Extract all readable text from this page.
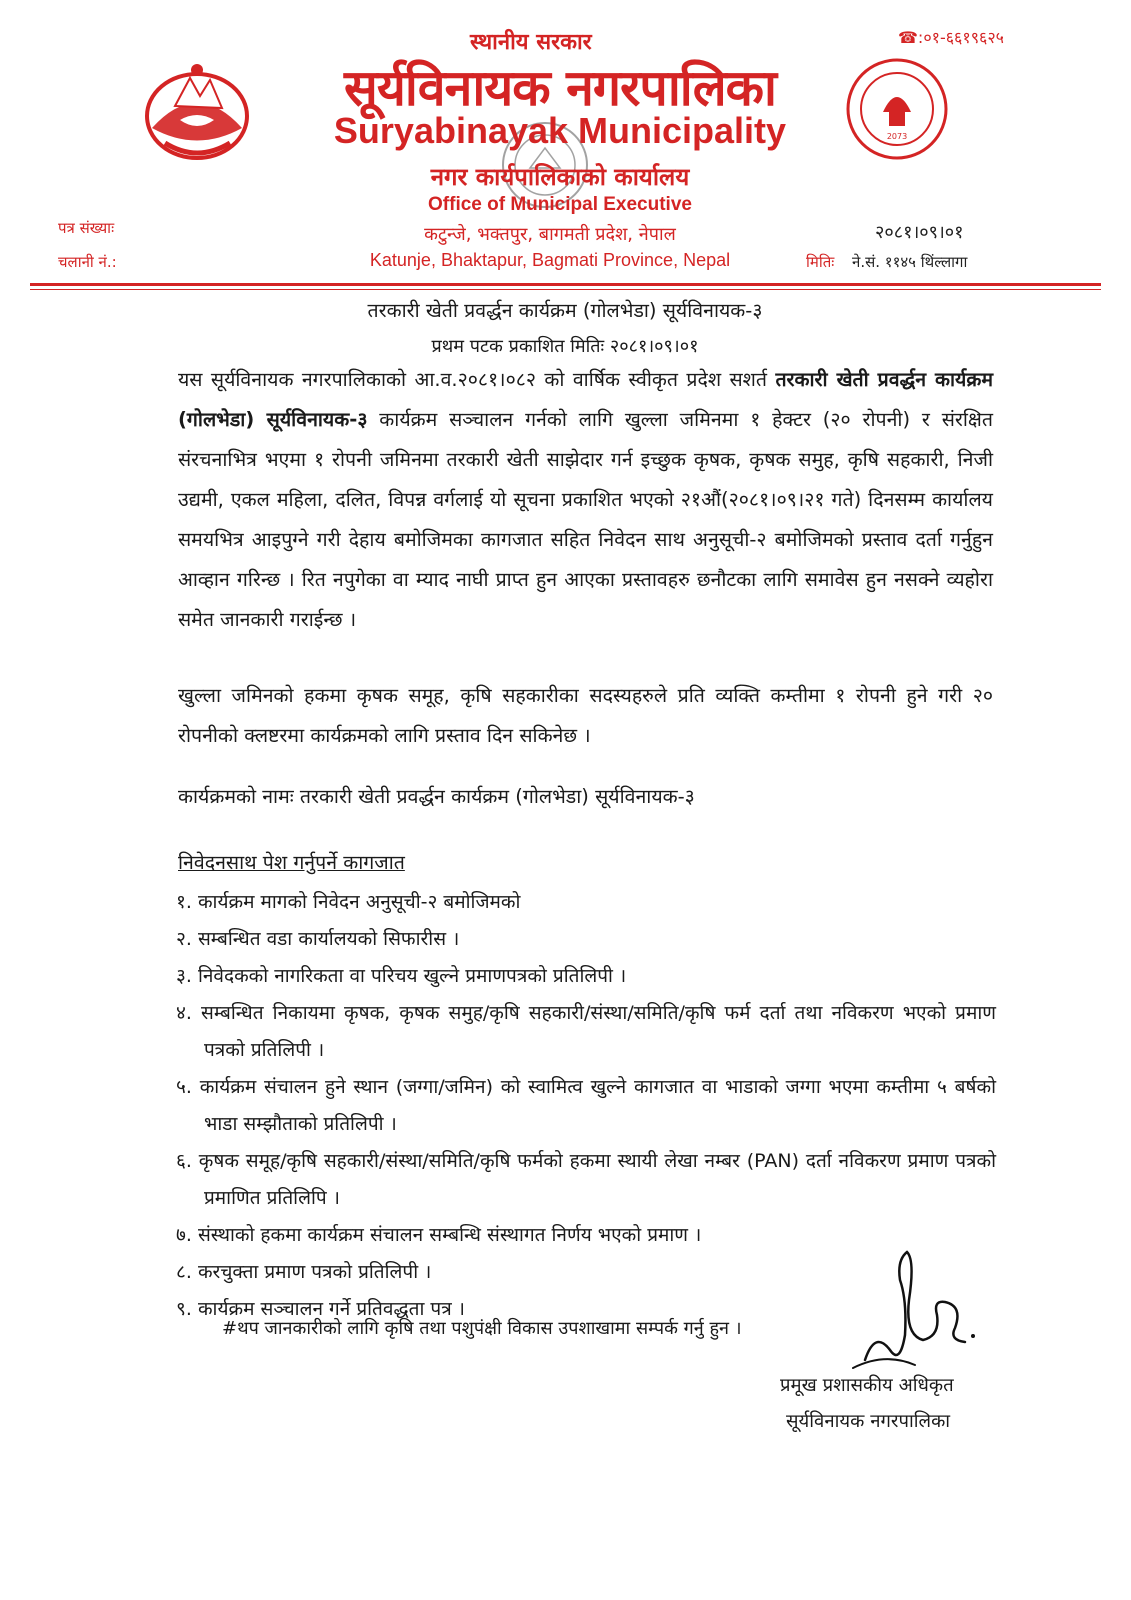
स्थानीय सरकार	☎:०१-६६१९६२५
2073
सूर्यविनायक नगरपालिका
Suryabinayak Municipality
नगर कार्यपालिकाको कार्यालय
Office of Municipal Executive
कटुन्जे, भक्तपुर, बागमती प्रदेश, नेपाल
Katunje, Bhaktapur, Bagmati Province, Nepal
पत्र संख्याः
चलानी नं.:
२०८१।०९।०१
मितिः ने.सं. ११४५ थिंल्लागा
तरकारी खेती प्रवर्द्धन कार्यक्रम (गोलभेडा) सूर्यविनायक-३
प्रथम पटक प्रकाशित मितिः २०८१।०९।०१
यस सूर्यविनायक नगरपालिकाको आ.व.२०८१।०८२ को वार्षिक स्वीकृत प्रदेश सशर्त तरकारी खेती प्रवर्द्धन कार्यक्रम (गोलभेडा) सूर्यविनायक-३ कार्यक्रम सञ्चालन गर्नको लागि खुल्ला जमिनमा १ हेक्टर (२० रोपनी) र संरक्षित संरचनाभित्र भएमा १ रोपनी जमिनमा तरकारी खेती साझेदार गर्न इच्छुक कृषक, कृषक समुह, कृषि सहकारी, निजी उद्यमी, एकल महिला, दलित, विपन्न वर्गलाई यो सूचना प्रकाशित भएको २१औं(२०८१।०९।२१ गते) दिनसम्म कार्यालय समयभित्र आइपुग्ने गरी देहाय बमोजिमका कागजात सहित निवेदन साथ अनुसूची-२ बमोजिमको प्रस्ताव दर्ता गर्नुहुन आव्हान गरिन्छ । रित नपुगेका वा म्याद नाघी प्राप्त हुन आएका प्रस्तावहरु छनौटका लागि समावेस हुन नसक्ने व्यहोरा समेत जानकारी गराईन्छ ।
खुल्ला जमिनको हकमा कृषक समूह, कृषि सहकारीका सदस्यहरुले प्रति व्यक्ति कम्तीमा १ रोपनी हुने गरी २० रोपनीको क्लष्टरमा कार्यक्रमको लागि प्रस्ताव दिन सकिनेछ ।
कार्यक्रमको नामः तरकारी खेती प्रवर्द्धन कार्यक्रम (गोलभेडा) सूर्यविनायक-३
निवेदनसाथ पेश गर्नुपर्ने कागजात
१. कार्यक्रम मागको निवेदन अनुसूची-२ बमोजिमको
२. सम्बन्धित वडा कार्यालयको सिफारीस ।
३. निवेदकको नागरिकता वा परिचय खुल्ने प्रमाणपत्रको प्रतिलिपी ।
४. सम्बन्धित निकायमा कृषक, कृषक समुह/कृषि सहकारी/संस्था/समिति/कृषि फर्म दर्ता तथा नविकरण भएको प्रमाण पत्रको प्रतिलिपी ।
५. कार्यक्रम संचालन हुने स्थान (जग्गा/जमिन) को स्वामित्व खुल्ने कागजात वा भाडाको जग्गा भएमा कम्तीमा ५ बर्षको भाडा सम्झौताको प्रतिलिपी ।
६. कृषक समूह/कृषि सहकारी/संस्था/समिति/कृषि फर्मको हकमा स्थायी लेखा नम्बर (PAN) दर्ता नविकरण प्रमाण पत्रको प्रमाणित प्रतिलिपि ।
७. संस्थाको हकमा कार्यक्रम संचालन सम्बन्धि संस्थागत निर्णय भएको प्रमाण ।
८. करचुक्ता प्रमाण पत्रको प्रतिलिपी ।
९. कार्यक्रम सञ्चालन गर्ने प्रतिवद्धता पत्र ।
#थप जानकारीको लागि कृषि तथा पशुपंक्षी विकास उपशाखामा सम्पर्क गर्नु हुन ।
प्रमूख प्रशासकीय अधिकृत
सूर्यविनायक नगरपालिका
